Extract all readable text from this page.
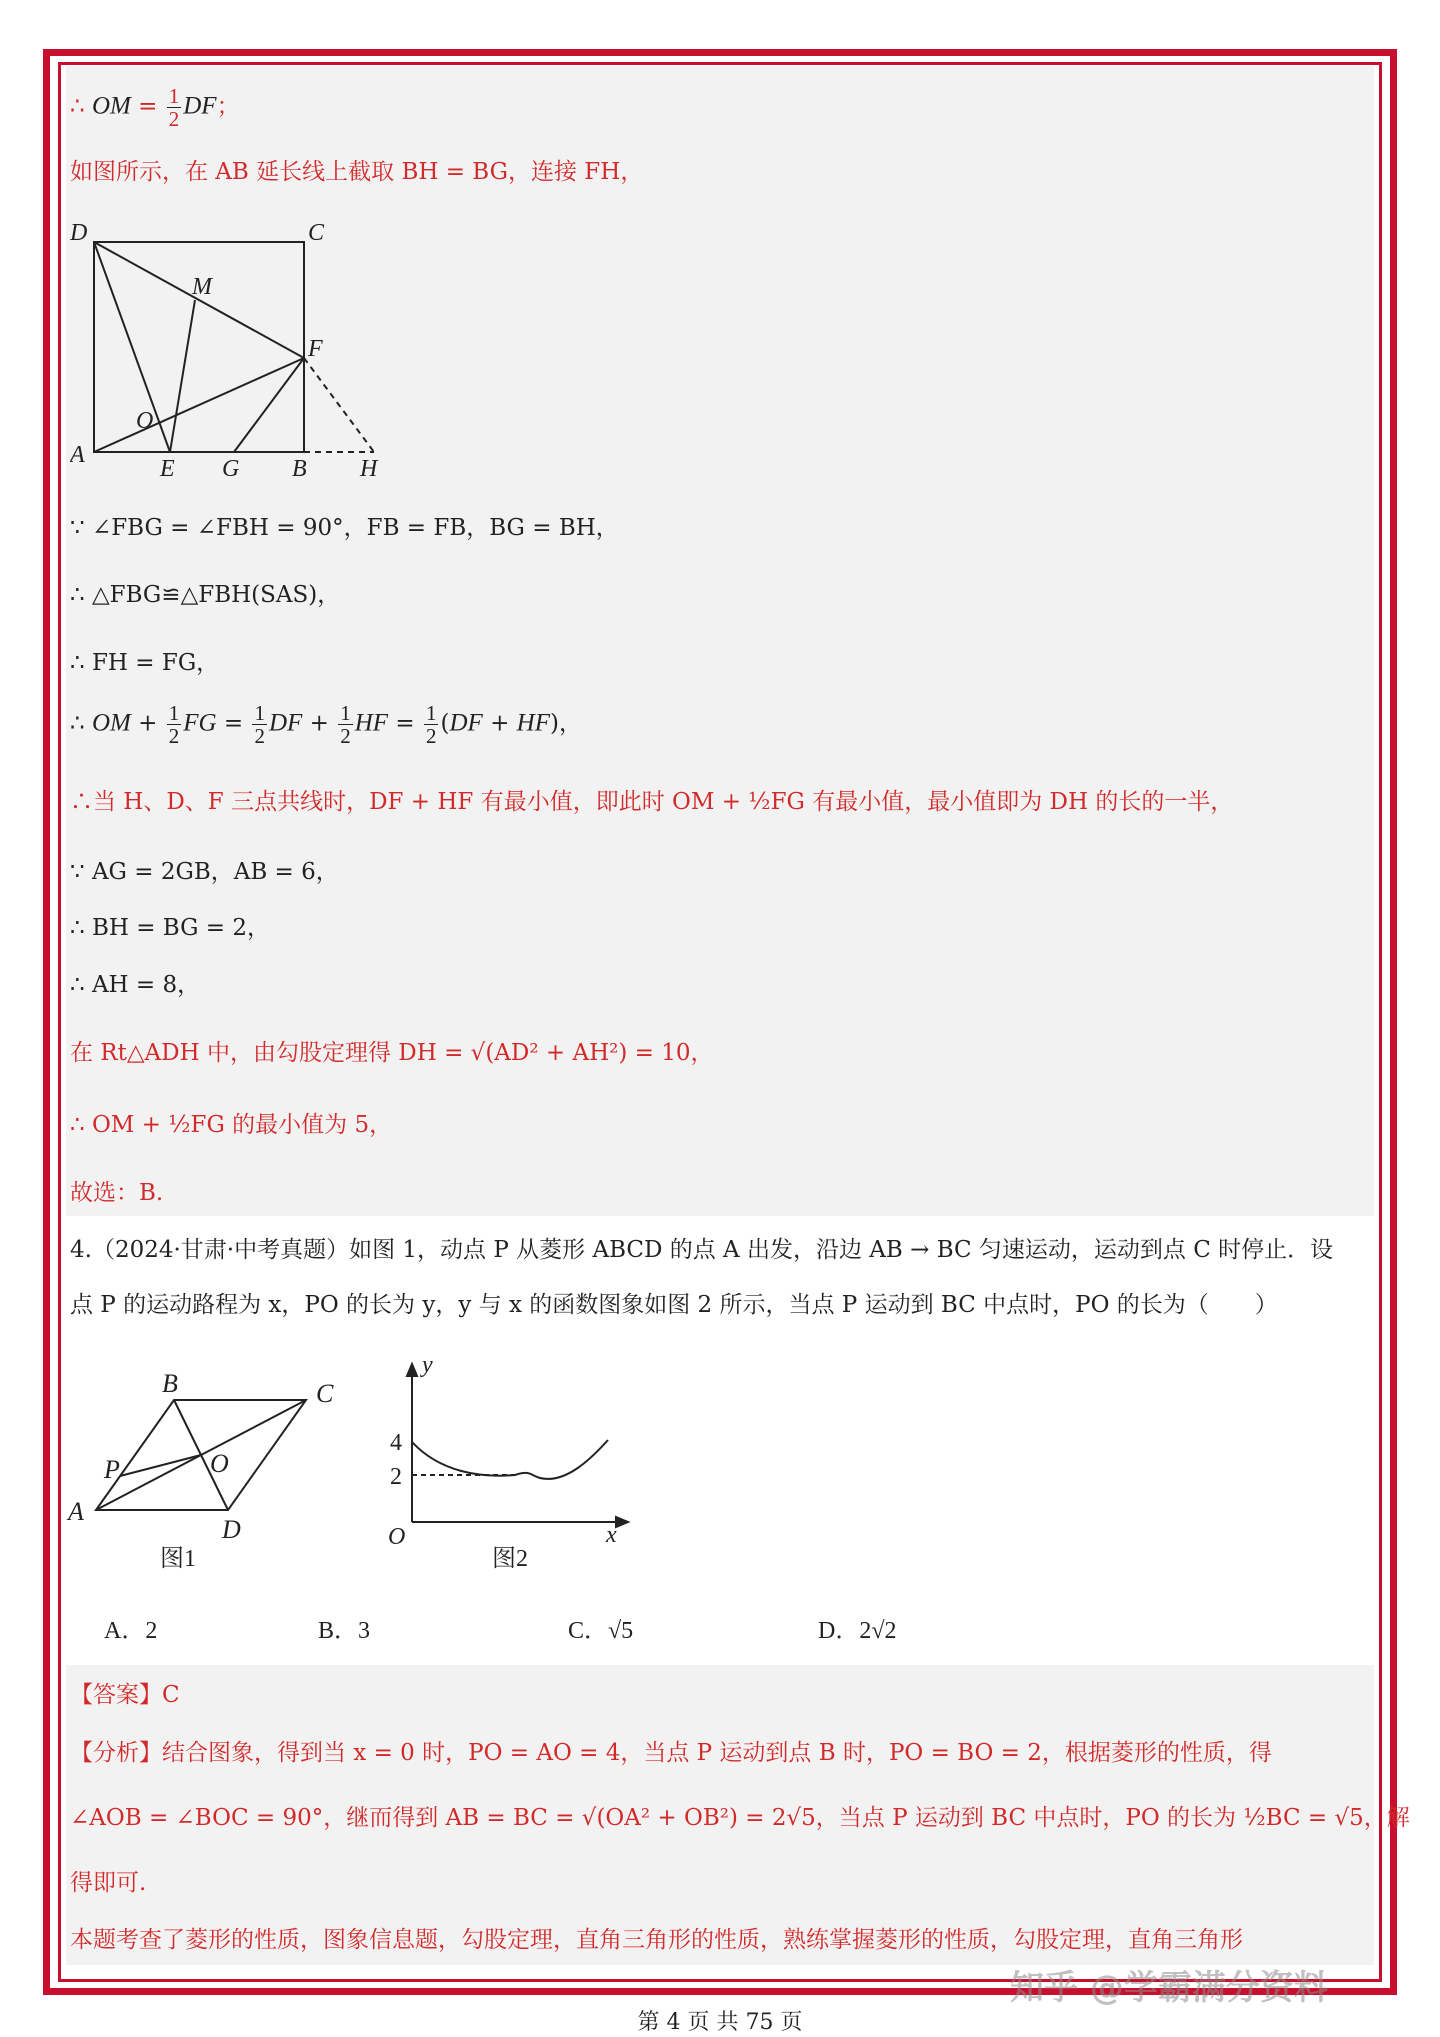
∴ OM = $\frac{1}{2}$ DF；
如图所示，在 AB 延长线上截取 BH = BG，连接 FH，
D	C
M
F
O
A
E G B H
∵ ∠FBG = ∠FBH = 90°，FB = FB，BG = BH，
∴ △FBG≌△FBH(SAS)，
∴ FH = FG，
∴ OM + $\frac{1}{2}$ FG = $\frac{1}{2}$ DF + $\frac{1}{2}$ HF = $\frac{1}{2} (DF + HF)$，
∴当 H、D、F 三点共线时，DF + HF 有最小值，即此时 OM + ½FG 有最小值，最小值即为 DH 的长的一半，
∵ AG = 2GB，AB = 6，
∴ BH = BG = 2，
∴ AH = 8，
在 Rt△ADH 中，由勾股定理得 DH = √(AD² + AH²) = 10，
∴ OM + ½FG 的最小值为 5，
故选：B.
4.（2024·甘肃·中考真题）如图 1，动点 P 从菱形 ABCD 的点 A 出发，沿边 AB → BC 匀速运动，运动到点 C 时停止．设
点 P 的运动路程为 x，PO 的长为 y，y 与 x 的函数图象如图 2 所示，当点 P 运动到 BC 中点时，PO 的长为（　　）
B	C
P	O
A
D
图1
y
4
2
O	x
图2
A．2	B．3	C．√5	D．2√2
【答案】C
【分析】结合图象，得到当 x = 0 时，PO = AO = 4，当点 P 运动到点 B 时，PO = BO = 2，根据菱形的性质，得
∠AOB = ∠BOC = 90°，继而得到 AB = BC = √(OA² + OB²) = 2√5，当点 P 运动到 BC 中点时，PO 的长为 ½BC = √5，解
得即可.
本题考查了菱形的性质，图象信息题，勾股定理，直角三角形的性质，熟练掌握菱形的性质，勾股定理，直角三角形
知乎 @学霸满分资料
第 4 页 共 75 页
